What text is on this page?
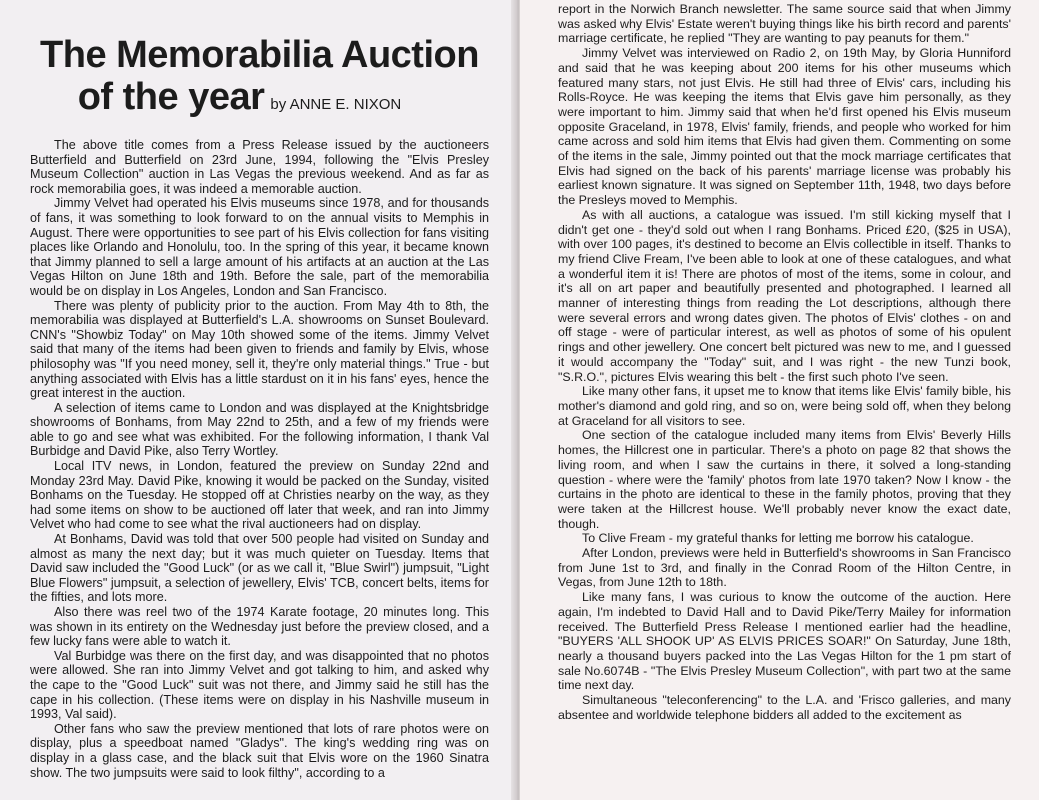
The Memorabilia Auction
of the year by ANNE E. NIXON

The above title comes from a Press Release issued by the auctioneers Butterfield and Butterfield on 23rd June, 1994, following the "Elvis Presley Museum Collection" auction in Las Vegas the previous weekend. And as far as rock memorabilia goes, it was indeed a memorable auction.

Jimmy Velvet had operated his Elvis museums since 1978, and for thousands of fans, it was something to look forward to on the annual visits to Memphis in August. There were opportunities to see part of his Elvis collection for fans visiting places like Orlando and Honolulu, too. In the spring of this year, it became known that Jimmy planned to sell a large amount of his artifacts at an auction at the Las Vegas Hilton on June 18th and 19th. Before the sale, part of the memorabilia would be on display in Los Angeles, London and San Francisco.

There was plenty of publicity prior to the auction. From May 4th to 8th, the memorabilia was displayed at Butterfield's L.A. showrooms on Sunset Boulevard. CNN's "Showbiz Today" on May 10th showed some of the items. Jimmy Velvet said that many of the items had been given to friends and family by Elvis, whose philosophy was "If you need money, sell it, they're only material things." True - but anything associated with Elvis has a little stardust on it in his fans' eyes, hence the great interest in the auction.

A selection of items came to London and was displayed at the Knightsbridge showrooms of Bonhams, from May 22nd to 25th, and a few of my friends were able to go and see what was exhibited. For the following information, I thank Val Burbidge and David Pike, also Terry Wortley.

Local ITV news, in London, featured the preview on Sunday 22nd and Monday 23rd May. David Pike, knowing it would be packed on the Sunday, visited Bonhams on the Tuesday. He stopped off at Christies nearby on the way, as they had some items on show to be auctioned off later that week, and ran into Jimmy Velvet who had come to see what the rival auctioneers had on display.

At Bonhams, David was told that over 500 people had visited on Sunday and almost as many the next day; but it was much quieter on Tuesday. Items that David saw included the "Good Luck" (or as we call it, "Blue Swirl") jumpsuit, "Light Blue Flowers" jumpsuit, a selection of jewellery, Elvis' TCB, concert belts, items for the fifties, and lots more.

Also there was reel two of the 1974 Karate footage, 20 minutes long. This was shown in its entirety on the Wednesday just before the preview closed, and a few lucky fans were able to watch it.

Val Burbidge was there on the first day, and was disappointed that no photos were allowed. She ran into Jimmy Velvet and got talking to him, and asked why the cape to the "Good Luck" suit was not there, and Jimmy said he still has the cape in his collection. (These items were on display in his Nashville museum in 1993, Val said).

Other fans who saw the preview mentioned that lots of rare photos were on display, plus a speedboat named "Gladys". The king's wedding ring was on display in a glass case, and the black suit that Elvis wore on the 1960 Sinatra show. The two jumpsuits were said to look filthy", according to a

report in the Norwich Branch newsletter. The same source said that when Jimmy was asked why Elvis' Estate weren't buying things like his birth record and parents' marriage certificate, he replied "They are wanting to pay peanuts for them."

Jimmy Velvet was interviewed on Radio 2, on 19th May, by Gloria Hunniford and said that he was keeping about 200 items for his other museums which featured many stars, not just Elvis. He still had three of Elvis' cars, including his Rolls-Royce. He was keeping the items that Elvis gave him personally, as they were important to him. Jimmy said that when he'd first opened his Elvis museum opposite Graceland, in 1978, Elvis' family, friends, and people who worked for him came across and sold him items that Elvis had given them. Commenting on some of the items in the sale, Jimmy pointed out that the mock marriage certificates that Elvis had signed on the back of his parents' marriage license was probably his earliest known signature. It was signed on September 11th, 1948, two days before the Presleys moved to Memphis.

As with all auctions, a catalogue was issued. I'm still kicking myself that I didn't get one - they'd sold out when I rang Bonhams. Priced £20, ($25 in USA), with over 100 pages, it's destined to become an Elvis collectible in itself. Thanks to my friend Clive Fream, I've been able to look at one of these catalogues, and what a wonderful item it is! There are photos of most of the items, some in colour, and it's all on art paper and beautifully presented and photographed. I learned all manner of interesting things from reading the Lot descriptions, although there were several errors and wrong dates given. The photos of Elvis' clothes - on and off stage - were of particular interest, as well as photos of some of his opulent rings and other jewellery. One concert belt pictured was new to me, and I guessed it would accompany the "Today" suit, and I was right - the new Tunzi book, "S.R.O.", pictures Elvis wearing this belt - the first such photo I've seen.

Like many other fans, it upset me to know that items like Elvis' family bible, his mother's diamond and gold ring, and so on, were being sold off, when they belong at Graceland for all visitors to see.

One section of the catalogue included many items from Elvis' Beverly Hills homes, the Hillcrest one in particular. There's a photo on page 82 that shows the living room, and when I saw the curtains in there, it solved a long-standing question - where were the 'family' photos from late 1970 taken? Now I know - the curtains in the photo are identical to these in the family photos, proving that they were taken at the Hillcrest house. We'll probably never know the exact date, though.

To Clive Fream - my grateful thanks for letting me borrow his catalogue.

After London, previews were held in Butterfield's showrooms in San Francisco from June 1st to 3rd, and finally in the Conrad Room of the Hilton Centre, in Vegas, from June 12th to 18th.

Like many fans, I was curious to know the outcome of the auction. Here again, I'm indebted to David Hall and to David Pike/Terry Mailey for information received. The Butterfield Press Release I mentioned earlier had the headline, "BUYERS 'ALL SHOOK UP' AS ELVIS PRICES SOAR!" On Saturday, June 18th, nearly a thousand buyers packed into the Las Vegas Hilton for the 1 pm start of sale No.6074B - "The Elvis Presley Museum Collection", with part two at the same time next day.

Simultaneous "teleconferencing" to the L.A. and 'Frisco galleries, and many absentee and worldwide telephone bidders all added to the excitement as
